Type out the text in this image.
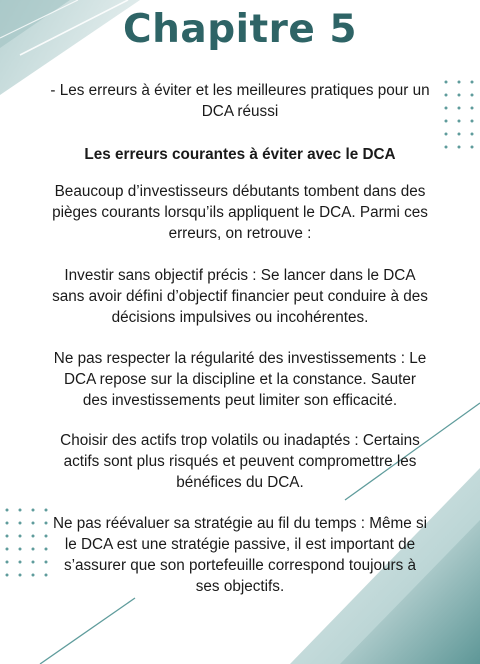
Chapitre 5

- Les erreurs à éviter et les meilleures pratiques pour un DCA réussi

Les erreurs courantes à éviter avec le DCA

Beaucoup d’investisseurs débutants tombent dans des pièges courants lorsqu’ils appliquent le DCA. Parmi ces erreurs, on retrouve :

Investir sans objectif précis : Se lancer dans le DCA sans avoir défini d’objectif financier peut conduire à des décisions impulsives ou incohérentes.

Ne pas respecter la régularité des investissements : Le DCA repose sur la discipline et la constance. Sauter des investissements peut limiter son efficacité.

Choisir des actifs trop volatils ou inadaptés : Certains actifs sont plus risqués et peuvent compromettre les bénéfices du DCA.

Ne pas réévaluer sa stratégie au fil du temps : Même si le DCA est une stratégie passive, il est important de s’assurer que son portefeuille correspond toujours à ses objectifs.
